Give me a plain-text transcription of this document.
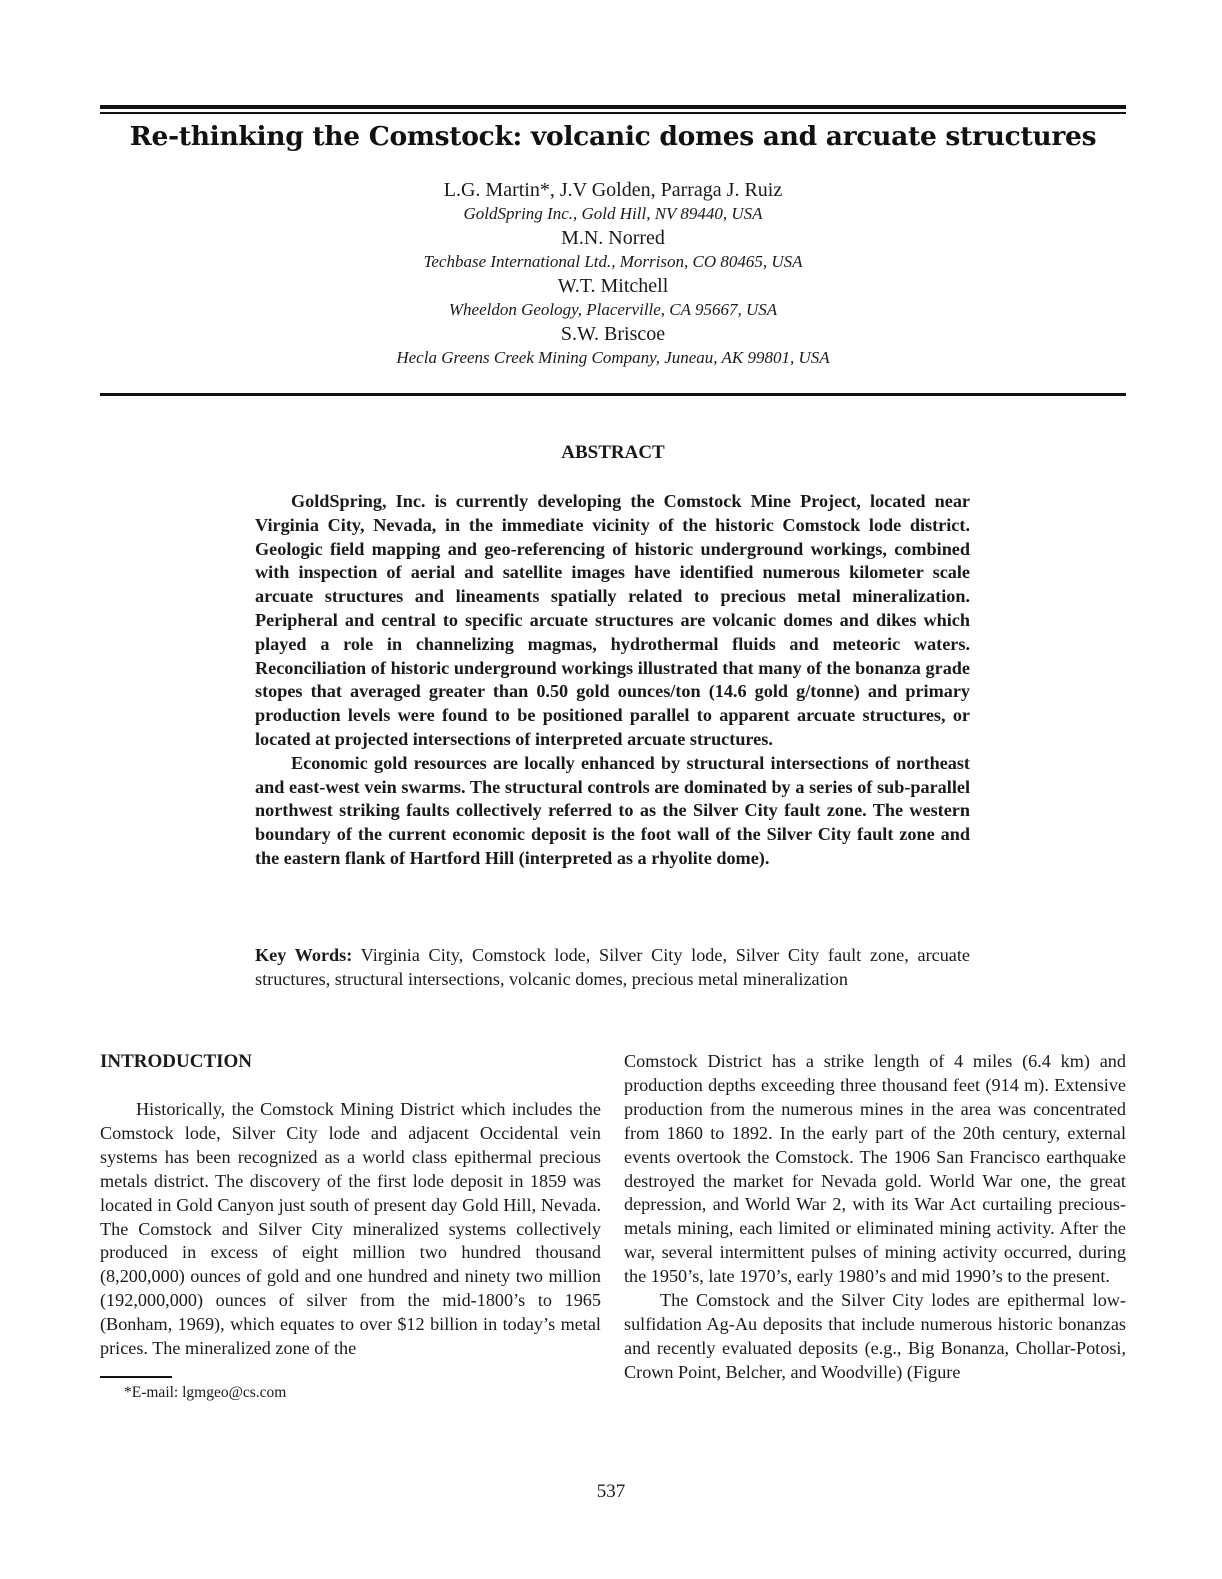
Re-thinking the Comstock: volcanic domes and arcuate structures
L.G. Martin*, J.V Golden, Parraga J. Ruiz
GoldSpring Inc., Gold Hill, NV 89440, USA
M.N. Norred
Techbase International Ltd., Morrison, CO 80465, USA
W.T. Mitchell
Wheeldon Geology, Placerville, CA 95667, USA
S.W. Briscoe
Hecla Greens Creek Mining Company, Juneau, AK 99801, USA
ABSTRACT

GoldSpring, Inc. is currently developing the Comstock Mine Project, located near Virginia City, Nevada, in the immediate vicinity of the historic Comstock lode district. Geologic field mapping and geo-referencing of historic underground workings, combined with inspection of aerial and satellite images have identified numerous kilometer scale arcuate structures and lineaments spatially related to precious metal mineralization. Peripheral and central to specific arcuate structures are volcanic domes and dikes which played a role in channelizing magmas, hydrothermal fluids and meteoric waters. Reconciliation of historic underground workings illustrated that many of the bonanza grade stopes that averaged greater than 0.50 gold ounces/ton (14.6 gold g/tonne) and primary production levels were found to be positioned parallel to apparent arcuate structures, or located at projected intersections of interpreted arcuate structures.

Economic gold resources are locally enhanced by structural intersections of northeast and east-west vein swarms. The structural controls are dominated by a series of sub-parallel northwest striking faults collectively referred to as the Silver City fault zone. The western boundary of the current economic deposit is the foot wall of the Silver City fault zone and the eastern flank of Hartford Hill (interpreted as a rhyolite dome).

Key Words: Virginia City, Comstock lode, Silver City lode, Silver City fault zone, arcuate structures, structural intersections, volcanic domes, precious metal mineralization
INTRODUCTION

Historically, the Comstock Mining District which includes the Comstock lode, Silver City lode and adjacent Occidental vein systems has been recognized as a world class epithermal precious metals district. The discovery of the first lode deposit in 1859 was located in Gold Canyon just south of present day Gold Hill, Nevada. The Comstock and Silver City mineralized systems collectively produced in excess of eight million two hundred thousand (8,200,000) ounces of gold and one hundred and ninety two million (192,000,000) ounces of silver from the mid-1800’s to 1965 (Bonham, 1969), which equates to over $12 billion in today’s metal prices. The mineralized zone of the

Comstock District has a strike length of 4 miles (6.4 km) and production depths exceeding three thousand feet (914 m). Extensive production from the numerous mines in the area was concentrated from 1860 to 1892. In the early part of the 20th century, external events overtook the Comstock. The 1906 San Francisco earthquake destroyed the market for Nevada gold. World War one, the great depression, and World War 2, with its War Act curtailing precious-metals mining, each limited or eliminated mining activity. After the war, several intermittent pulses of mining activity occurred, during the 1950’s, late 1970’s, early 1980’s and mid 1990’s to the present.

The Comstock and the Silver City lodes are epithermal low-sulfidation Ag-Au deposits that include numerous historic bonanzas and recently evaluated deposits (e.g., Big Bonanza, Chollar-Potosi, Crown Point, Belcher, and Woodville) (Figure

*E-mail: lgmgeo@cs.com
537
